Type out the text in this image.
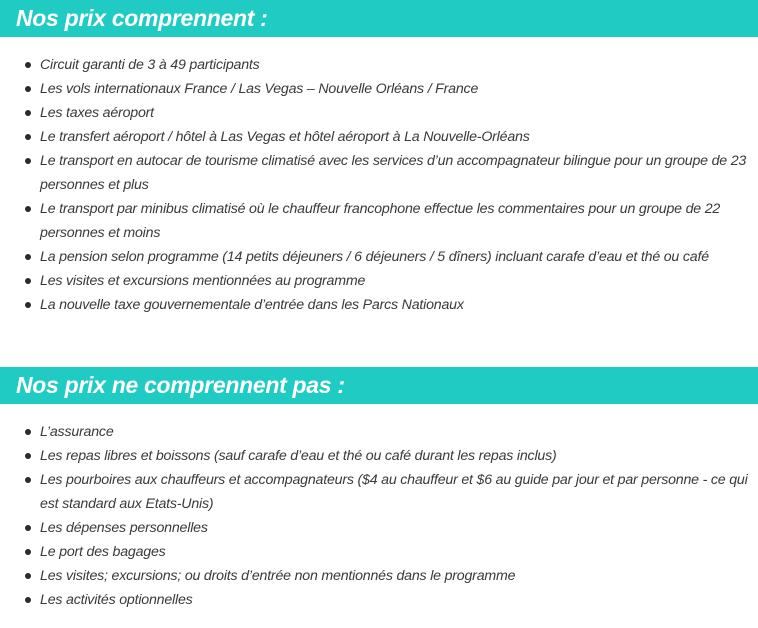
Nos prix comprennent :
Circuit garanti de 3 à 49 participants
Les vols internationaux France / Las Vegas – Nouvelle Orléans / France
Les taxes aéroport
Le transfert aéroport / hôtel à Las Vegas et hôtel aéroport à La Nouvelle-Orléans
Le transport en autocar de tourisme climatisé avec les services d’un accompagnateur bilingue pour un groupe de 23 personnes et plus
Le transport par minibus climatisé où le chauffeur francophone effectue les commentaires pour un groupe de 22 personnes et moins
La pension selon programme (14 petits déjeuners / 6 déjeuners / 5 dîners) incluant carafe d’eau et thé ou café
Les visites et excursions mentionnées au programme
La nouvelle taxe gouvernementale d’entrée dans les Parcs Nationaux
Nos prix ne comprennent pas :
L’assurance
Les repas libres et boissons (sauf carafe d’eau et thé ou café durant les repas inclus)
Les pourboires aux chauffeurs et accompagnateurs ($4 au chauffeur et $6 au guide par jour et par personne - ce qui est standard aux Etats-Unis)
Les dépenses personnelles
Le port des bagages
Les visites; excursions; ou droits d’entrée non mentionnés dans le programme
Les activités optionnelles
